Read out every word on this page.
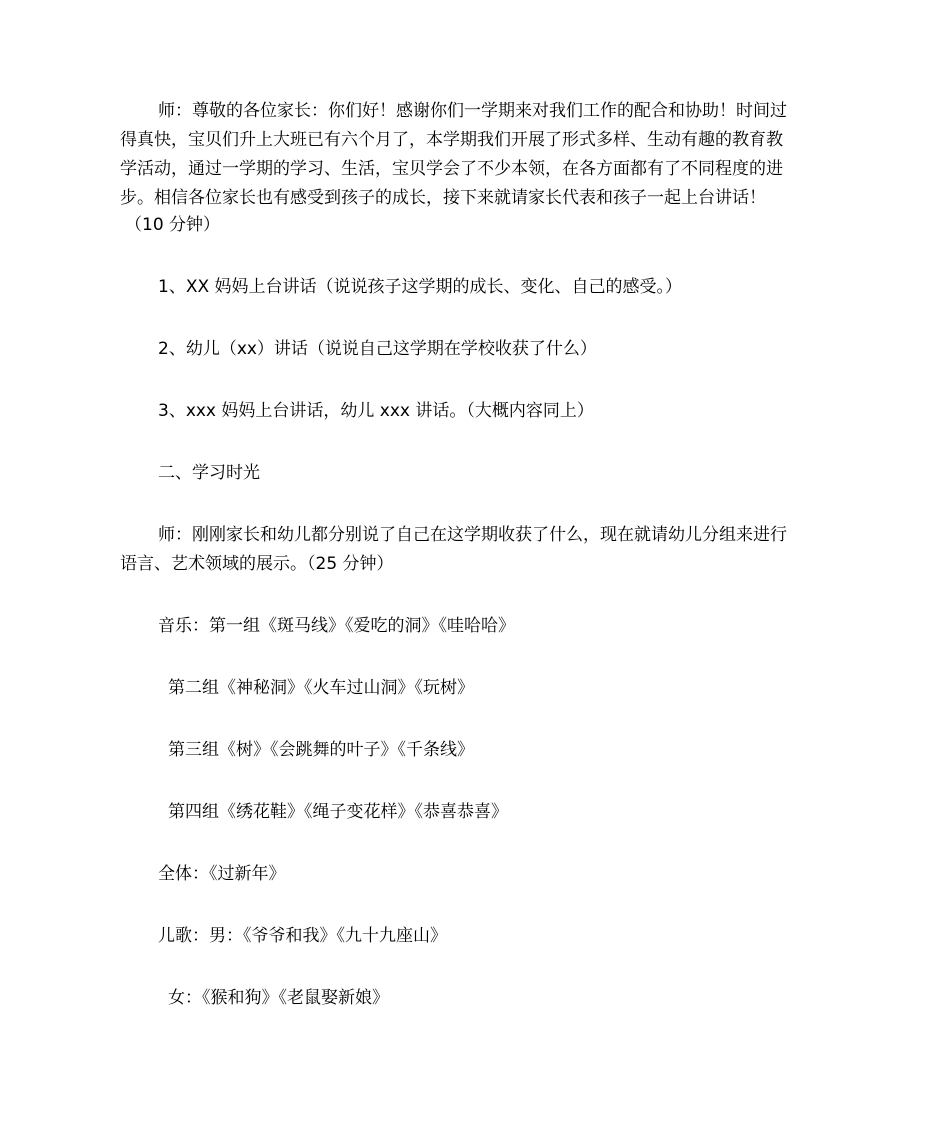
师：尊敬的各位家长：你们好！感谢你们一学期来对我们工作的配合和协助！时间过
得真快，宝贝们升上大班已有六个月了，本学期我们开展了形式多样、生动有趣的教育教
学活动，通过一学期的学习、生活，宝贝学会了不少本领，在各方面都有了不同程度的进
步。相信各位家长也有感受到孩子的成长，接下来就请家长代表和孩子一起上台讲话！
（10 分钟）
1、XX 妈妈上台讲话（说说孩子这学期的成长、变化、自己的感受。）
2、幼儿（xx）讲话（说说自己这学期在学校收获了什么）
3、xxx 妈妈上台讲话，幼儿 xxx 讲话。（大概内容同上）
二、学习时光
师：刚刚家长和幼儿都分别说了自己在这学期收获了什么，现在就请幼儿分组来进行
语言、艺术领域的展示。（25 分钟）
音乐：第一组《斑马线》《爱吃的洞》《哇哈哈》
第二组《神秘洞》《火车过山洞》《玩树》
第三组《树》《会跳舞的叶子》《千条线》
第四组《绣花鞋》《绳子变花样》《恭喜恭喜》
全体：《过新年》
儿歌：男：《爷爷和我》《九十九座山》
女：《猴和狗》《老鼠娶新娘》
